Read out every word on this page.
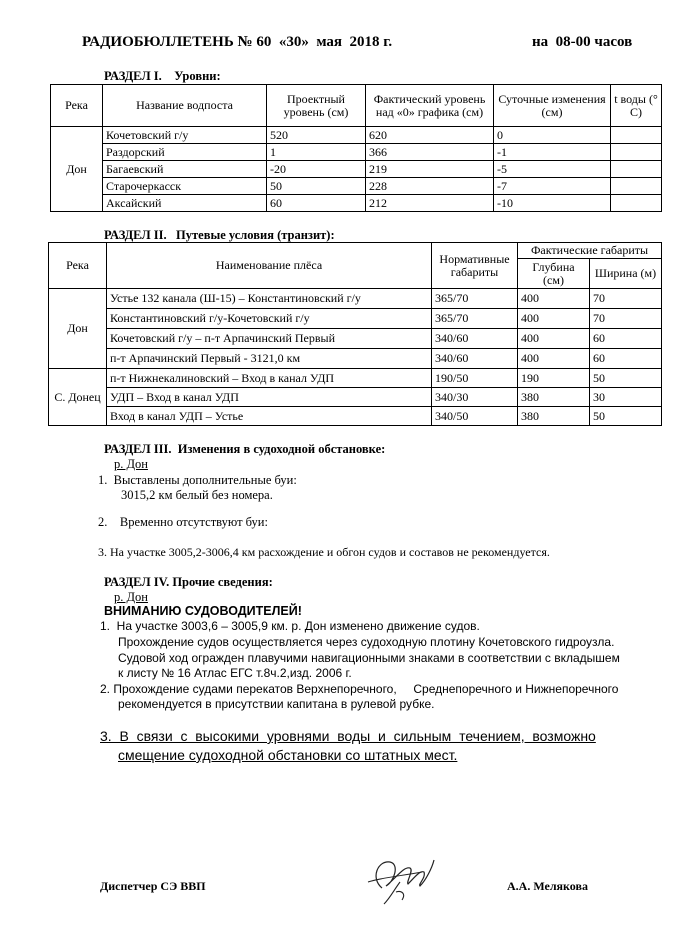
РАДИОБЮЛЛЕТЕНЬ № 60  «30»  мая  2018 г.	на  08-00 часов
РАЗДЕЛ I.    Уровни:
Река	Название водпоста	Проектный уровень (см)	Фактический уровень над «0» графика (см)	Суточные изменения (см)	t воды (° C)
Дон	Кочетовский г/у	520	620	0	
	Раздорский	1	366	-1	
	Багаевский	-20	219	-5	
	Старочеркасск	50	228	-7	
	Аксайский	60	212	-10	
РАЗДЕЛ II.   Путевые условия (транзит):
Река	Наименование плёса	Нормативные габариты	Фактические габариты	
			Глубина (см)	Ширина (м)
Дон	Устье 132 канала (Ш-15) – Константиновский г/у	365/70	400	70
	Константиновский г/у-Кочетовский г/у	365/70	400	70
	Кочетовский г/у – п-т Арпачинский Первый	340/60	400	60
	п-т Арпачинский Первый - 3121,0 км	340/60	400	60
С. Донец	п-т Нижнекалиновский – Вход в канал УДП	190/50	190	50
	УДП – Вход в канал УДП	340/30	380	30
	Вход в канал УДП – Устье	340/50	380	50
РАЗДЕЛ III.  Изменения в судоходной обстановке:
р. Дон
1.  Выставлены дополнительные буи:
3015,2 км белый без номера.
2.    Временно отсутствуют буи:
3. На участке 3005,2-3006,4 км расхождение и обгон судов и составов не рекомендуется.
РАЗДЕЛ IV. Прочие сведения:
р. Дон
ВНИМАНИЮ СУДОВОДИТЕЛЕЙ!
1.  На участке 3003,6 – 3005,9 км. р. Дон изменено движение судов.
Прохождение судов осуществляется через судоходную плотину Кочетовского гидроузла.
Судовой ход огражден плавучими навигационными знаками в соответствии с вкладышем
к листу № 16 Атлас ЕГС т.8ч.2,изд. 2006 г.
2. Прохождение судами перекатов Верхнепоречного,     Среднепоречного и Нижнепоречного
рекомендуется в присутствии капитана в рулевой рубке.
3.  В  связи  с  высокими  уровнями  воды  и  сильным  течением,  возможно
смещение судоходной обстановки со штатных мест.
Диспетчер СЭ ВВП	А.А. Мелякова
